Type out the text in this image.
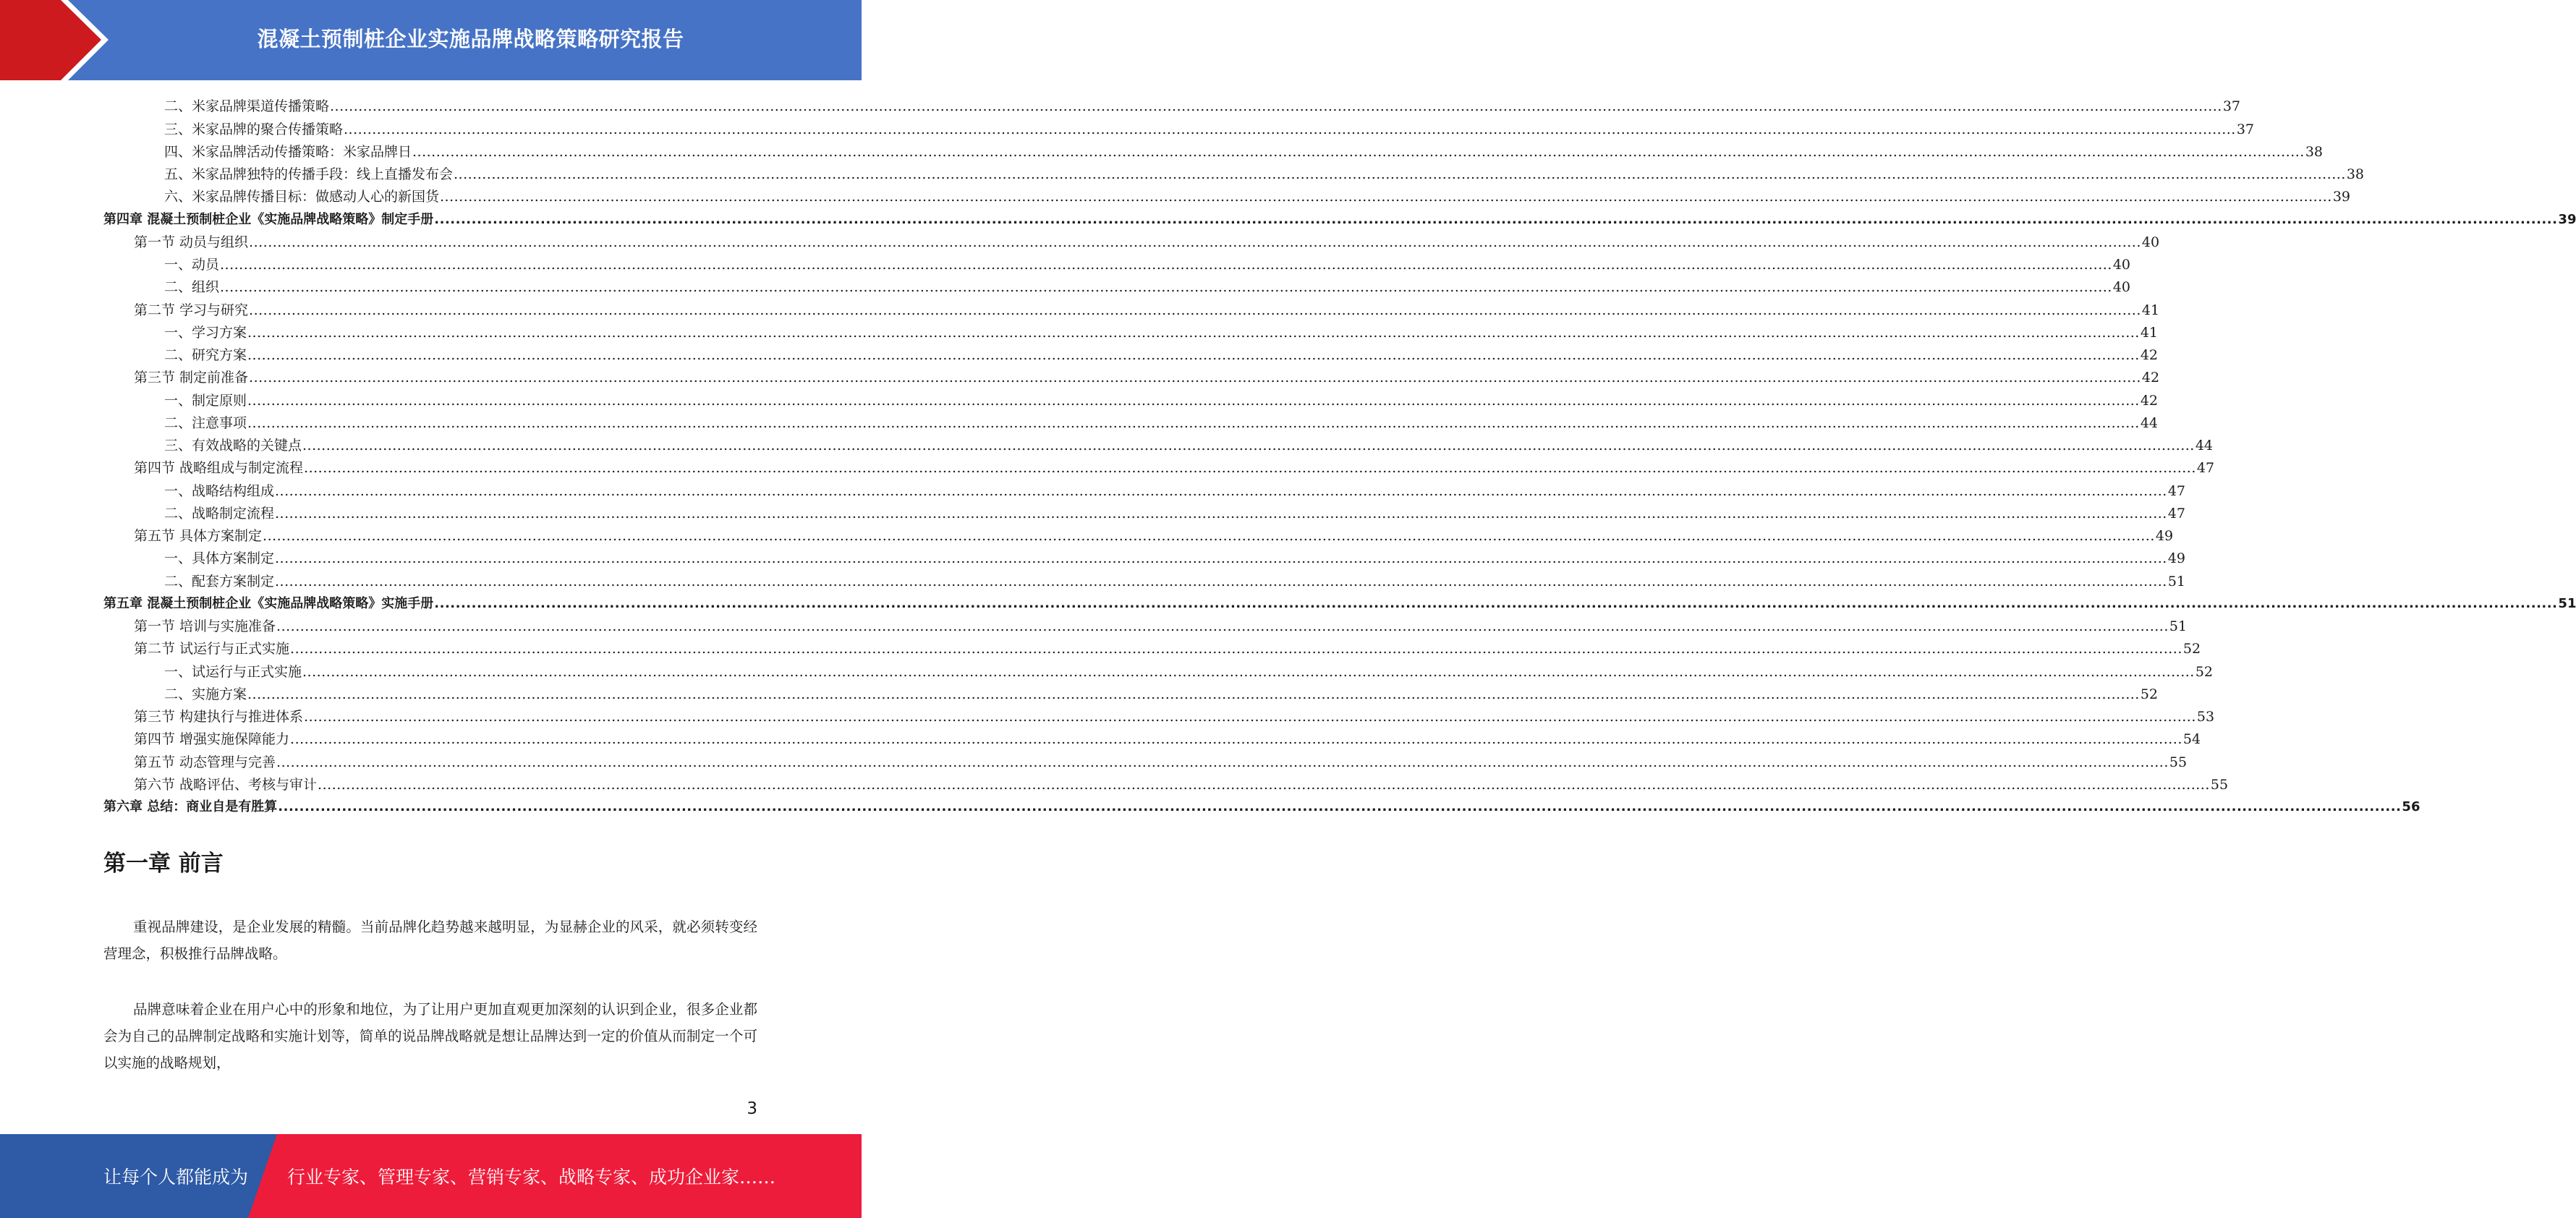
混凝土预制桩企业实施品牌战略策略研究报告
二、米家品牌渠道传播策略 ................................................................................................................................................................................................................................................................................................................................................................................................................ 37
三、米家品牌的聚合传播策略 ................................................................................................................................................................................................................................................................................................................................................................................................................ 37
四、米家品牌活动传播策略：米家品牌日 ................................................................................................................................................................................................................................................................................................................................................................................................................ 38
五、米家品牌独特的传播手段：线上直播发布会 ................................................................................................................................................................................................................................................................................................................................................................................................................ 38
六、米家品牌传播目标：做感动人心的新国货 ................................................................................................................................................................................................................................................................................................................................................................................................................ 39
第四章 混凝土预制桩企业《实施品牌战略策略》制定手册 ................................................................................................................................................................................................................................................................................................................................................................................................................ 39
第一节 动员与组织 ................................................................................................................................................................................................................................................................................................................................................................................................................ 40
一、动员 ................................................................................................................................................................................................................................................................................................................................................................................................................ 40
二、组织 ................................................................................................................................................................................................................................................................................................................................................................................................................ 40
第二节 学习与研究 ................................................................................................................................................................................................................................................................................................................................................................................................................ 41
一、学习方案 ................................................................................................................................................................................................................................................................................................................................................................................................................ 41
二、研究方案 ................................................................................................................................................................................................................................................................................................................................................................................................................ 42
第三节 制定前准备 ................................................................................................................................................................................................................................................................................................................................................................................................................ 42
一、制定原则 ................................................................................................................................................................................................................................................................................................................................................................................................................ 42
二、注意事项 ................................................................................................................................................................................................................................................................................................................................................................................................................ 44
三、有效战略的关键点 ................................................................................................................................................................................................................................................................................................................................................................................................................ 44
第四节 战略组成与制定流程 ................................................................................................................................................................................................................................................................................................................................................................................................................ 47
一、战略结构组成 ................................................................................................................................................................................................................................................................................................................................................................................................................ 47
二、战略制定流程 ................................................................................................................................................................................................................................................................................................................................................................................................................ 47
第五节 具体方案制定 ................................................................................................................................................................................................................................................................................................................................................................................................................ 49
一、具体方案制定 ................................................................................................................................................................................................................................................................................................................................................................................................................ 49
二、配套方案制定 ................................................................................................................................................................................................................................................................................................................................................................................................................ 51
第五章 混凝土预制桩企业《实施品牌战略策略》实施手册 ................................................................................................................................................................................................................................................................................................................................................................................................................ 51
第一节 培训与实施准备 ................................................................................................................................................................................................................................................................................................................................................................................................................ 51
第二节 试运行与正式实施 ................................................................................................................................................................................................................................................................................................................................................................................................................ 52
一、试运行与正式实施 ................................................................................................................................................................................................................................................................................................................................................................................................................ 52
二、实施方案 ................................................................................................................................................................................................................................................................................................................................................................................................................ 52
第三节 构建执行与推进体系 ................................................................................................................................................................................................................................................................................................................................................................................................................ 53
第四节 增强实施保障能力 ................................................................................................................................................................................................................................................................................................................................................................................................................ 54
第五节 动态管理与完善 ................................................................................................................................................................................................................................................................................................................................................................................................................ 55
第六节 战略评估、考核与审计 ................................................................................................................................................................................................................................................................................................................................................................................................................ 55
第六章 总结：商业自是有胜算 ................................................................................................................................................................................................................................................................................................................................................................................................................ 56
第一章 前言
重视品牌建设，是企业发展的精髓。当前品牌化趋势越来越明显，为显赫企业的风采，就必须转变经营理念，积极推行品牌战略。
品牌意味着企业在用户心中的形象和地位，为了让用户更加直观更加深刻的认识到企业，很多企业都会为自己的品牌制定战略和实施计划等，简单的说品牌战略就是想让品牌达到一定的价值从而制定一个可以实施的战略规划，
3
让每个人都能成为 行业专家、管理专家、营销专家、战略专家、成功企业家……
